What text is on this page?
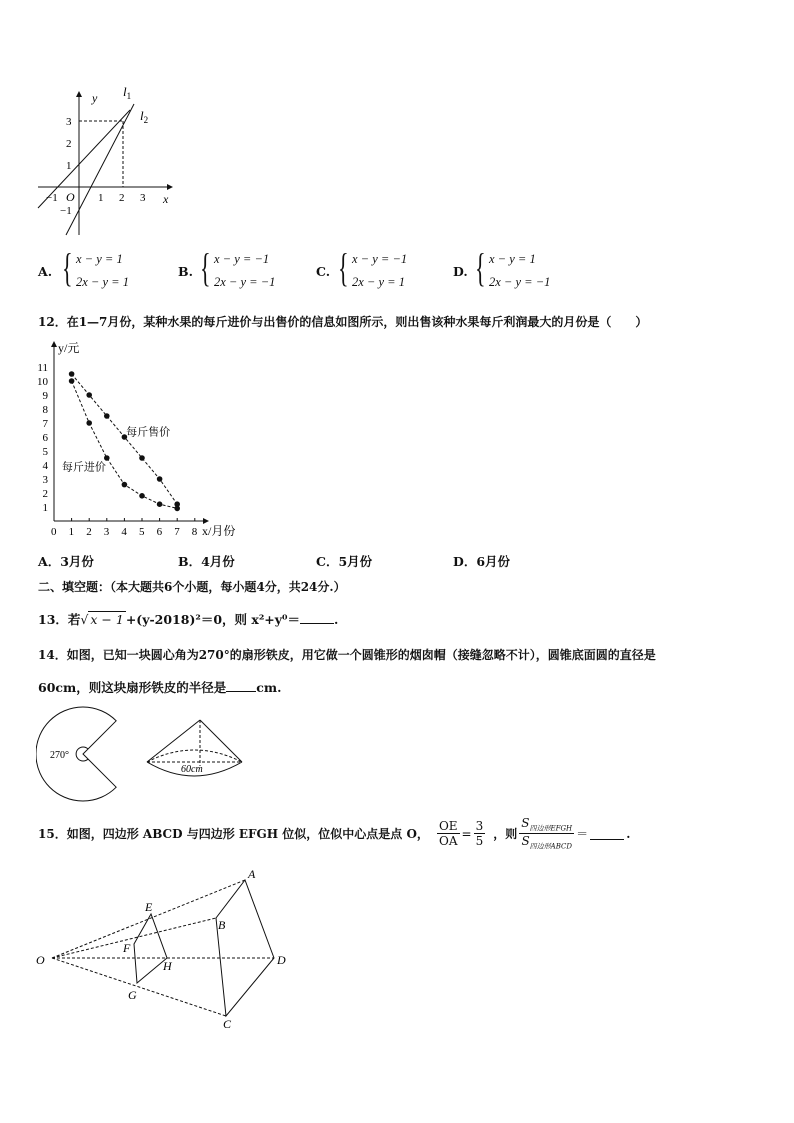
y
x
O
$l_1$
$l_2$
3
2
1
−1
−1	1 2 3
A. { x − y = 1
2x − y = 1
B. { x − y = −1
2x − y = −1
C. { x − y = −1
2x − y = 1
D. { x − y = 1
2x − y = −1
12．在1—7月份，某种水果的每斤进价与出售价的信息如图所示，则出售该种水果每斤利润最大的月份是（　　）
y/元
x/月份
0 1 2 3 4 5 6 7 8
1
2
3
4
5
6
7
8
9
10
11
每斤售价
每斤进价
A．3月份	B．4月份	C．5月份	D．6月份
二、填空题：（本大题共6个小题，每小题4分，共24分.）
13．若√ x − 1 +(y-2018)²＝0，则 x²+y⁰＝	.
14．如图，已知一块圆心角为270°的扇形铁皮，用它做一个圆锥形的烟囱帽（接缝忽略不计），圆锥底面圆的直径是
60cm，则这块扇形铁皮的半径是 cm.
270°
60cm
15．如图，四边形 ABCD 与四边形 EFGH 位似，位似中心点是点 O， $\frac{OE}{OA} = \frac{3}{5}$ ，则 $\frac{S_{四边形EFGH}}{S_{四边形ABCD}}$ ＝	.
O
A
B
C
D
E
F
G
H
